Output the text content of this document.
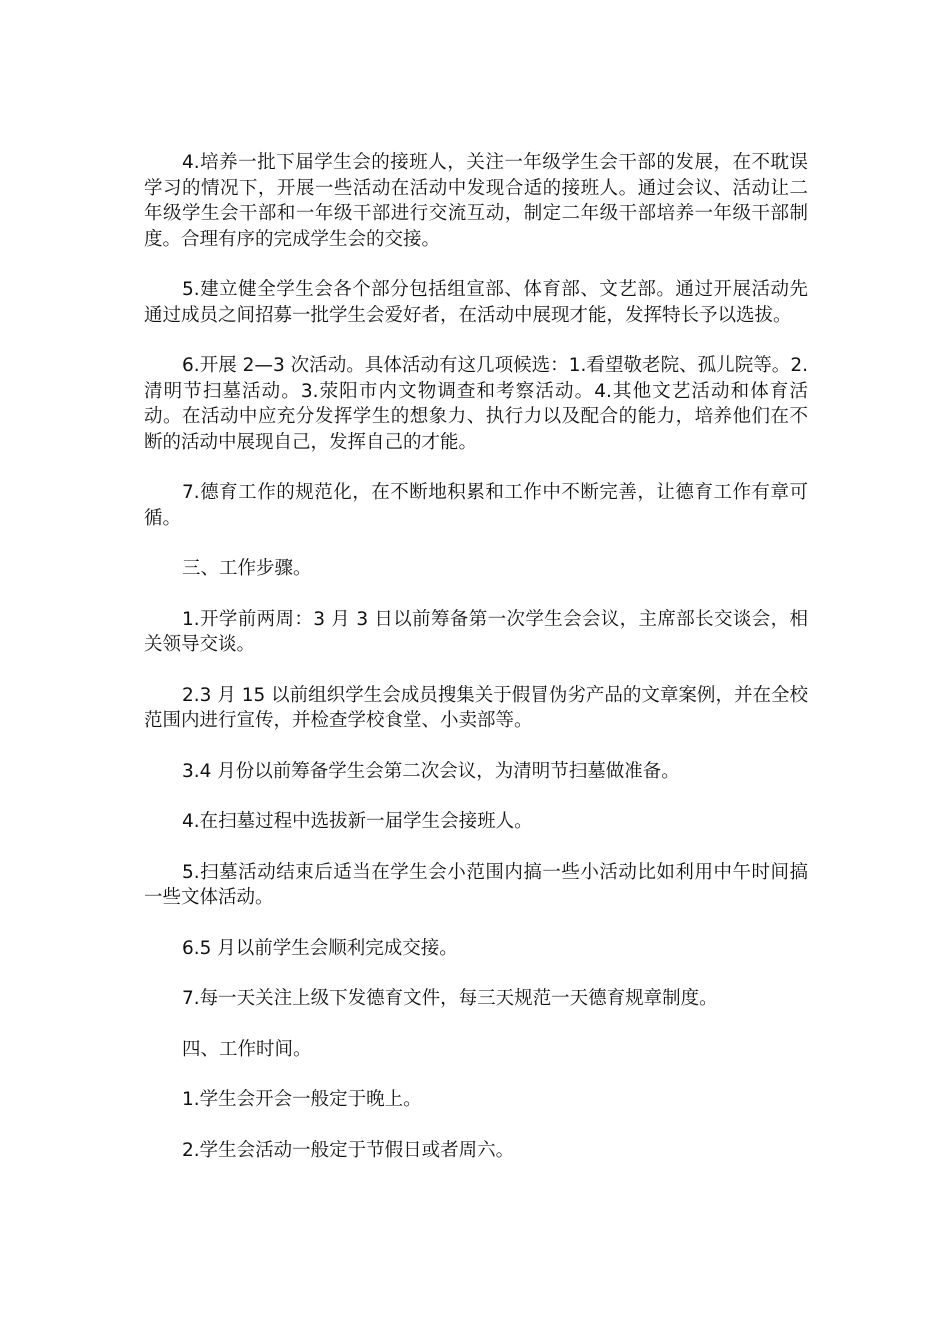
4.培养一批下届学生会的接班人，关注一年级学生会干部的发展，在不耽误学习的情况下，开展一些活动在活动中发现合适的接班人。通过会议、活动让二年级学生会干部和一年级干部进行交流互动，制定二年级干部培养一年级干部制度。合理有序的完成学生会的交接。

5.建立健全学生会各个部分包括组宣部、体育部、文艺部。通过开展活动先通过成员之间招募一批学生会爱好者，在活动中展现才能，发挥特长予以选拔。

6.开展 2—3 次活动。具体活动有这几项候选：1.看望敬老院、孤儿院等。2.清明节扫墓活动。3.荥阳市内文物调查和考察活动。4.其他文艺活动和体育活动。在活动中应充分发挥学生的想象力、执行力以及配合的能力，培养他们在不断的活动中展现自己，发挥自己的才能。

7.德育工作的规范化，在不断地积累和工作中不断完善，让德育工作有章可循。

三、工作步骤。

1.开学前两周：3 月 3 日以前筹备第一次学生会会议，主席部长交谈会，相关领导交谈。

2.3 月 15 以前组织学生会成员搜集关于假冒伪劣产品的文章案例，并在全校范围内进行宣传，并检查学校食堂、小卖部等。

3.4 月份以前筹备学生会第二次会议，为清明节扫墓做准备。

4.在扫墓过程中选拔新一届学生会接班人。

5.扫墓活动结束后适当在学生会小范围内搞一些小活动比如利用中午时间搞一些文体活动。

6.5 月以前学生会顺利完成交接。

7.每一天关注上级下发德育文件，每三天规范一天德育规章制度。

四、工作时间。

1.学生会开会一般定于晚上。

2.学生会活动一般定于节假日或者周六。
